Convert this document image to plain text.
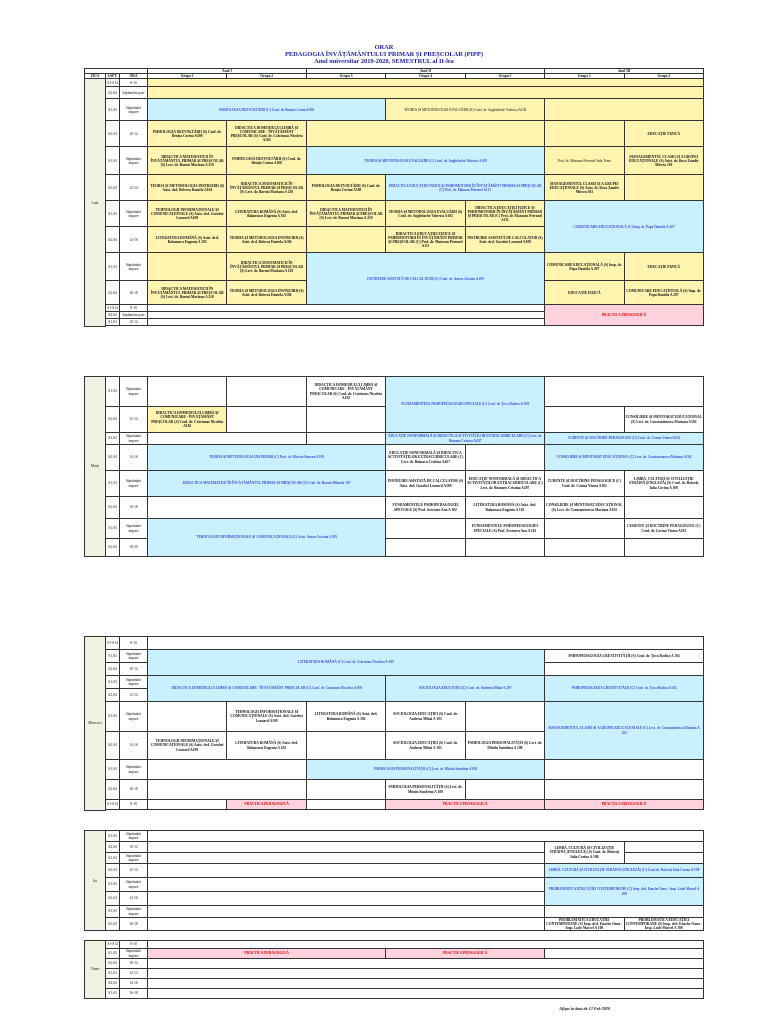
ORAR
PEDAGOGIA ÎNVĂȚĂMÂNTULUI PRIMAR ȘI PREȘCOLAR (PIPP)
Anul universitar 2019-2020, SEMESTRUL al II-lea
			Anul I		Anul II			Anul III	
ZIUA	SĂPT.	ORA	Grupa 1	Grupa 2	Grupa 3	Grupa 4	Grupa 5	Grupa 1	Grupa 2
Luni	S1-S14	8-10							
	S2,S4	Săptămâni pare							
	S1,S3	Săptămâni impare	PSIHOLOGIA DEZVOLTĂRII (C) Conf. dr. Benția Corina A108			TEORIA ȘI METODOLOGIA EVALUĂRII (S) Conf. dr. Anghelache Valerica A102			
	S2,S4	10-12	PSIHOLOGIA DEZVOLTĂRII (S) Conf. dr. Benția Corina A108	DIDACTICA DOMENIULUI LIMBĂ ȘI COMUNICARE - ÎNVĂȚĂMÂNT PREȘCOLAR (S) Conf. dr. Crăciunas Nicoleta A102					EDUCAȚIE FIZICĂ
	S1,S3	Săptămâni impare	DIDACTICA MATEMATICII ÎN ÎNVĂȚĂMÂNTUL PRIMAR ȘI PREȘCOLAR (S) Lect. dr. Baroni Mariana A 210	PSIHOLOGIA DEZVOLTĂRII (S) Conf. dr. Benția Corina A108	TEORIA ȘI METODOLOGIA EVALUĂRII (C) Conf. dr. Anghelache Valerica A109			Prof. dr. Maturan Petronel Sala Tenis	MANAGEMENTUL CLASEI ȘI A GRUPEI EDUCAȚIONALE (S) Asist. dr. Roca Zamfir Mircea 103
	S2,S4	12-14	TEORIA ȘI METODOLOGIA INSTRUIRII (S) Asist. drd. Belecea Daniela A104	DIDACTICA MATEMATICII ÎN ÎNVĂȚĂMÂNTUL PRIMAR ȘI PREȘCOLAR (S) Lect. dr. Baroni Mariana A 210	PSIHOLOGIA DEZVOLTĂRII (S) Conf. dr. Benția Corina A108	DIDACTICA EDUCAȚIEI FIZICE ȘI PSIHOMOTORII ÎN ÎNVĂȚĂMÂNT PRIMAR ȘI PREȘCOLAR (C) Prof. dr. Maturan Petronel A111		MANAGEMENTUL CLASEI ȘI A GRUPEI EDUCAȚIONALE (S) Asist. dr. Roca Zamfir Mircea 103	
	S1,S3	Săptămâni impare	TEHNOLOGII INFORMAȚIONALE ȘI COMUNICAȚIONALE (S) Asist. drd. Gorobei Leonard A109	LITERATURA ROMÂNĂ (S) Asist. drd. Balaneacu Eugenia A 102	DIDACTICA MATEMATICII ÎN ÎNVĂȚĂMÂNTUL PRIMAR ȘI PREȘCOLAR (S) Lect. dr. Baroni Mariana A 210	TEORIA ȘI METODOLOGIA EVALUĂRII (S) Conf. dr. Anghelache Valerica A102	DIDACTICA EDUCAȚIEI FIZICE ȘI PSIHOMOTORII ÎN ÎNVĂȚĂMÂNT PRIMAR ȘI PREȘCOLAR (C) Prof. dr. Maturan Petronel A111	COMUNICARE EDUCAȚIONALĂ (C) Insp. dr. Popa Daniela A 207	
	S2,S4	14-16	LITERATURA ROMÂNĂ (S) Asist. drd. Balaneacu Eugenia A 102	TEORIA ȘI METODOLOGIA INSTRUIRII (S) Asist. drd. Belecea Daniela A104		DIDACTICA EDUCAȚIEI FIZICE ȘI PSIHOMOTORII ÎN ÎNVĂȚĂMÂNT PRIMAR ȘI PREȘCOLAR (C) Prof. dr. Maturan Petronel A111	INSTRUIRE ASISTATĂ DE CALCULATOR (S) Asist. drd. Gorobei Leonard A109		
	S1,S3	Săptămâni impare		DIDACTICA MATEMATICII ÎN ÎNVĂȚĂMÂNTUL PRIMAR ȘI PREȘCOLAR (S) Lect. dr. Baroni Mariana A 210	INSTRUIRE ASISTATĂ DE CALCULATOR (C) Conf. dr. Anton Cristina A109			COMUNICARE EDUCAȚIONALĂ (S) Insp. dr. Popa Daniela A 207	EDUCAȚIE FIZICĂ
	S2,S4	16-18	DIDACTICA MATEMATICII ÎN ÎNVĂȚĂMÂNTUL PRIMAR ȘI PREȘCOLAR (S) Lect. dr. Baroni Mariana A 210	TEORIA ȘI METODOLOGIA INSTRUIRII (S) Asist. drd. Belecea Daniela A104				EDUCAȚIE FIZICĂ	COMUNICARE EDUCAȚIONALĂ (S) Insp. dr. Popa Daniela A 207
	S1-S14	8-10						PRACTICA PEDAGOGICĂ	
	S2,S4	Săptămâni pare							
	S1,S3	10-12							

Marți	S1,S3	Săptămâni impare			DIDACTICA DOMENIULUI LIMBĂ ȘI COMUNICARE - ÎNVĂȚĂMÂNT PREȘCOLAR (S) Conf. dr. Crăciunas Nicoleta A102	FUNDAMENTELE PSIHOPEDAGOGIEI SPECIALE (C) Conf. dr. Țoca Rodica A 108			
	S2,S4	12-14	DIDACTICA DOMENIULUI LIMBĂ ȘI COMUNICARE - ÎNVĂȚĂMÂNT PREȘCOLAR (S) Conf. dr. Crăciunas Nicoleta A102						CONSILIERE ȘI MENTORAT EDUCAȚIONAL (S) Lect. dr. Constantinescu Mariana A102
	S1,S3	Săptămâni impare				EDUCAȚIE NONFORMALĂ ȘI DIDACTICA ACTIVITĂȚILOR EXTRACURRICULARE (C) Lect. dr. Butnaru Cristina A207		CURENTE ȘI DOCTRINE PEDAGOGICE (C) Conf. dr. Corina Vintea A102	
	S2,S4	14-16	TEORIA ȘI METODOLOGIA INSTRUIRII (C) Prof. dr. Mocelu Simona A109			EDUCAȚIE NONFORMALĂ ȘI DIDACTICA ACTIVITĂȚILOR EXTRACURRICULARE (C) Lect. dr. Butnaru Cristina A207		CONSILIERE ȘI MENTORAT EDUCAȚIONAL (C) Lect. dr. Constantinescu Mariana A102	
	S1,S3	Săptămâni impare	DIDACTICA MATEMATICII ÎN ÎNVĂȚĂMÂNTUL PRIMAR ȘI PREȘCOLAR (C) Conf. dr. Baroni Mihaela 107			INSTRUIRE ASISTATĂ DE CALCULATOR (S) Asist. drd. Gorobei Leonard A109	EDUCAȚIE NONFORMALĂ ȘI DIDACTICA ACTIVITĂȚILOR EXTRACURRICULARE (C) Lect. dr. Butnaru Cristina A207	CURENTE ȘI DOCTRINE PEDAGOGICE (C) Conf. dr. Corina Vintea A102	LIMBĂ, CULTURĂ ȘI CIVILIZAȚIE STRĂINĂ (ENGLEZĂ) (S) Conf. dr. Bolovăț Iulia Corina A 108
	S2,S4	16-18				FUNDAMENTELE PSIHOPEDAGOGIEI SPECIALE (S) Prof. Scortaru Ana A 102	LITERATURA ROMÂNĂ (S) Asist. drd. Balaneacu Eugenia A 102	CONSILIERE ȘI MENTORAT EDUCAȚIONAL (S) Lect. dr. Constantinescu Mariana A102	
	S1,S3	Săptămâni impare	TEHNOLOGII INFORMAȚIONALE ȘI COMUNICAȚIONALE (C) Asist. Anton Cristina A109				FUNDAMENTELE PSIHOPEDAGOGIEI SPECIALE (S) Prof. Scortaru Ana A 102		CURENTE ȘI DOCTRINE PEDAGOGICE (C) Conf. dr. Corina Vintea A102
	S2,S4	18-20							
Miercu ri	S1-S14	8-10						
	S1,S3	Săptămâni impare	LITERATURA ROMÂNĂ (C) Conf. dr. Crăciunas Nicoleta A 109					PSIHOPEDAGOGIA CREATIVITĂȚII (S) Conf. dr. Țoca Rodica A 102
	S2,S4	10-12						
	S1,S3	Săptămâni impare	DIDACTICA DOMENIULUI LIMBĂ ȘI COMUNICARE - ÎNVĂȚĂMÂNT PREȘCOLAR (C) Conf. dr. Crăciunas Nicoleta A108			SOCIOLOGIA EDUCAȚIEI (C) Conf. dr. Andreas Mihai A 207		PSIHOPEDAGOGIA CREATIVITĂȚII (C) Conf. dr. Țoca Rodica A102
	S2,S4	12-14						
	S1,S3	Săptămâni impare		TEHNOLOGII INFORMAȚIONALE ȘI COMUNICAȚIONALE (S) Asist. drd. Gorobei Leonard A109	LITERATURA ROMÂNĂ (S) Asist. drd. Balaneacu Eugenia A 102	SOCIOLOGIA EDUCAȚIEI (S) Conf. dr. Andreas Mihai A 103		MANAGEMENTUL CLASEI ȘI A GRUPEI EDUCAȚIONALE (C) Lect. dr. Constantinescu Mariana A 102
	S2,S4	14-16	TEHNOLOGII INFORMAȚIONALE ȘI COMUNICAȚIONALE (S) Asist. drd. Gorobei Leonard A109	LITERATURA ROMÂNĂ (S) Asist. drd. Balaneacu Eugenia A 102		SOCIOLOGIA EDUCAȚIEI (S) Conf. dr. Andreas Mihai A 103	PSIHOLOGIA PERSONALITĂȚII (S) Lect. dr. Mitulu Sandrina A 108	
	S1,S3	Săptămâni impare			PSIHOLOGIA PERSONALITĂȚII (C) Lect. dr. Mitulu Sandrina A108			
	S2,S4	16-18				PSIHOLOGIA PERSONALITĂȚII (S) Lect. dr. Mitulu Sandrina A 108		
	S1-S14	8-10		PRACTICA PEDAGOGICĂ		PRACTICA PEDAGOGICĂ		PRACTICA PEDAGOGICĂ

Joi	S1,S3	Săptămâni impare			
	S2,S4	10-12		LIMBĂ, CULTURĂ ȘI CIVILIZAȚIE STRĂINĂ (ENGLEZĂ) (S) Conf. dr. Bolovăț Iulia Corina A 108	
	S1,S3	Săptămâni impare			
	S2,S4	12-14		LIMBĂ, CULTURĂ ȘI CIVILIZAȚIE STRĂINĂ (ENGLEZĂ) (C) Conf.dr. Bolovăț Iulia Corina A 108	
	S1,S3	Săptămâni impare		PROBLEMATICA EDUCAȚIEI CONTEMPORANE (C) Insp. drd. Enache Oana - Insp. Lude Marcel A 108	
	S2,S4	14-16			
	S1,S3	Săptămâni impare			
	S2,S4	16-18		PROBLEMATICA EDUCAȚIEI CONTEMPORANE (S) Insp. drd. Enache Oana - Insp. Lude Marcel A 108	PROBLEMATICA EDUCAȚIEI CONTEMPORANE (S) Insp. drd. Enache Oana - Insp. Lude Marcel A 108
Vineri	S1-S14	8-10			
	S1,S3	Săptămâni impare	PRACTICA PEDAGOGICĂ	PRACTICA PEDAGOGICĂ	
	S2,S4	10-12			
	S1,S3	12-14			
	S2,S4	14-16			
	S1,S3	16-18			
Afișat în data de 12 Feb 2020
